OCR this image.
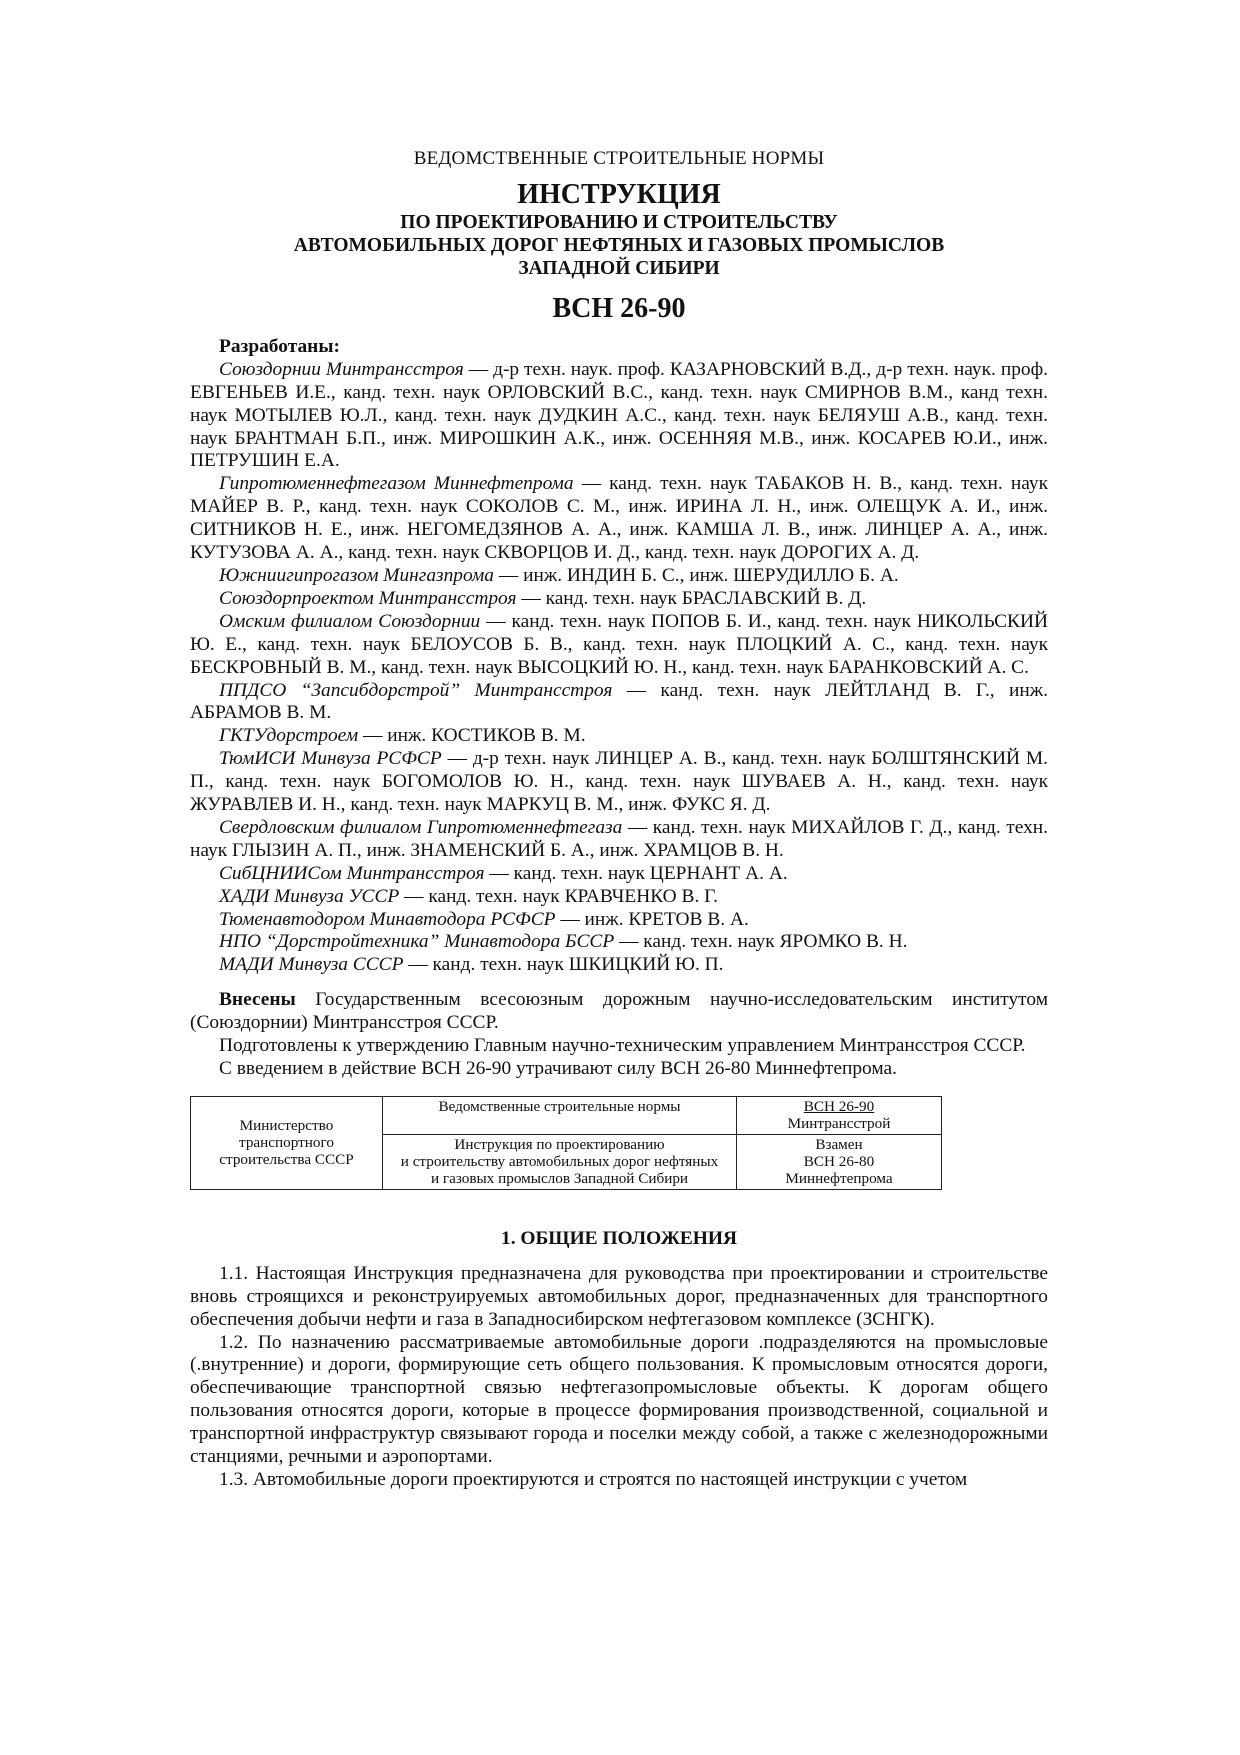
ВЕДОМСТВЕННЫЕ СТРОИТЕЛЬНЫЕ НОРМЫ
ИНСТРУКЦИЯ
ПО ПРОЕКТИРОВАНИЮ И СТРОИТЕЛЬСТВУ
АВТОМОБИЛЬНЫХ ДОРОГ НЕФТЯНЫХ И ГАЗОВЫХ ПРОМЫСЛОВ
ЗАПАДНОЙ СИБИРИ
ВСН 26-90

Разработаны:

Союздорнии Минтрансстроя — д-р техн. наук. проф. КАЗАРНОВСКИЙ В.Д., д-р техн. наук. проф. ЕВГЕНЬЕВ И.Е., канд. техн. наук ОРЛОВСКИЙ В.С., канд. техн. наук СМИРНОВ В.М., канд техн. наук МОТЫЛЕВ Ю.Л., канд. техн. наук ДУДКИН А.С., канд. техн. наук БЕЛЯУШ А.В., канд. техн. наук БРАНТМАН Б.П., инж. МИРОШКИН А.К., инж. ОСЕННЯЯ М.В., инж. КОСАРЕВ Ю.И., инж. ПЕТРУШИН Е.А.

Гипротюменнефтегазом Миннефтепрома — канд. техн. наук ТАБАКОВ Н. В., канд. техн. наук МАЙЕР В. Р., канд. техн. наук СОКОЛОВ С. М., инж. ИРИНА Л. Н., инж. ОЛЕЩУК А. И., инж. СИТНИКОВ Н. Е., инж. НЕГОМЕДЗЯНОВ А. А., инж. КАМША Л. В., инж. ЛИНЦЕР А. А., инж. КУТУЗОВА А. А., канд. техн. наук СКВОРЦОВ И. Д., канд. техн. наук ДОРОГИХ А. Д.

Южниигипрогазом Мингазпрома — инж. ИНДИН Б. С., инж. ШЕРУДИЛЛО Б. А.

Союздорпроектом Минтрансстроя — канд. техн. наук БРАСЛАВСКИЙ В. Д.

Омским филиалом Союздорнии — канд. техн. наук ПОПОВ Б. И., канд. техн. наук НИКОЛЬСКИЙ Ю. Е., канд. техн. наук БЕЛОУСОВ Б. В., канд. техн. наук ПЛОЦКИЙ А. С., канд. техн. наук БЕСКРОВНЫЙ В. М., канд. техн. наук ВЫСОЦКИЙ Ю. Н., канд. техн. наук БАРАНКОВСКИЙ А. С.

ППДСО “Запсибдорстрой” Минтрансстроя — канд. техн. наук ЛЕЙТЛАНД В. Г., инж. АБРАМОВ В. М.

ГКТУдорстроем — инж. КОСТИКОВ В. М.

ТюмИСИ Минвуза РСФСР — д-р техн. наук ЛИНЦЕР А. В., канд. техн. наук БОЛШТЯНСКИЙ М. П., канд. техн. наук БОГОМОЛОВ Ю. Н., канд. техн. наук ШУВАЕВ А. Н., канд. техн. наук ЖУРАВЛЕВ И. Н., канд. техн. наук МАРКУЦ В. М., инж. ФУКС Я. Д.

Свердловским филиалом Гипротюменнефтегаза — канд. техн. наук МИХАЙЛОВ Г. Д., канд. техн. наук ГЛЫЗИН А. П., инж. ЗНАМЕНСКИЙ Б. А., инж. ХРАМЦОВ В. Н.

СибЦНИИСом Минтрансстроя — канд. техн. наук ЦЕРНАНТ А. А.

ХАДИ Минвуза УССР — канд. техн. наук КРАВЧЕНКО В. Г.

Тюменавтодором Минавтодора РСФСР — инж. КРЕТОВ В. А.

НПО “Дорстройтехника” Минавтодора БССР — канд. техн. наук ЯРОМКО В. Н.

МАДИ Минвуза СССР — канд. техн. наук ШКИЦКИЙ Ю. П.

Внесены Государственным всесоюзным дорожным научно-исследовательским институтом (Союздорнии) Минтрансстроя СССР.

Подготовлены к утверждению Главным научно-техническим управлением Минтрансстроя СССР.

С введением в действие ВСН 26-90 утрачивают силу ВСН 26-80 Миннефтепрома.

Министерство
транспортного
строительства СССР	Ведомственные строительные нормы	ВСН 26-90
Минтрансстрой

	Инструкция по проектированию
и строительству автомобильных дорог нефтяных
и газовых промыслов Западной Сибири	Взамен
ВСН 26-80
Миннефтепрома

1. ОБЩИЕ ПОЛОЖЕНИЯ

1.1. Настоящая Инструкция предназначена для руководства при проектировании и строительстве вновь строящихся и реконструируемых автомобильных дорог, предназначенных для транспортного обеспечения добычи нефти и газа в Западносибирском нефтегазовом комплексе (ЗСНГК).

1.2. По назначению рассматриваемые автомобильные дороги .подразделяются на промысловые (.внутренние) и дороги, формирующие сеть общего пользования. К промысловым относятся дороги, обеспечивающие транспортной связью нефтегазопромысловые объекты. К дорогам общего пользования относятся дороги, которые в процессе формирования производственной, социальной и транспортной инфраструктур связывают города и поселки между собой, а также с железнодорожными станциями, речными и аэропортами.

1.3. Автомобильные дороги проектируются и строятся по настоящей инструкции с учетом
